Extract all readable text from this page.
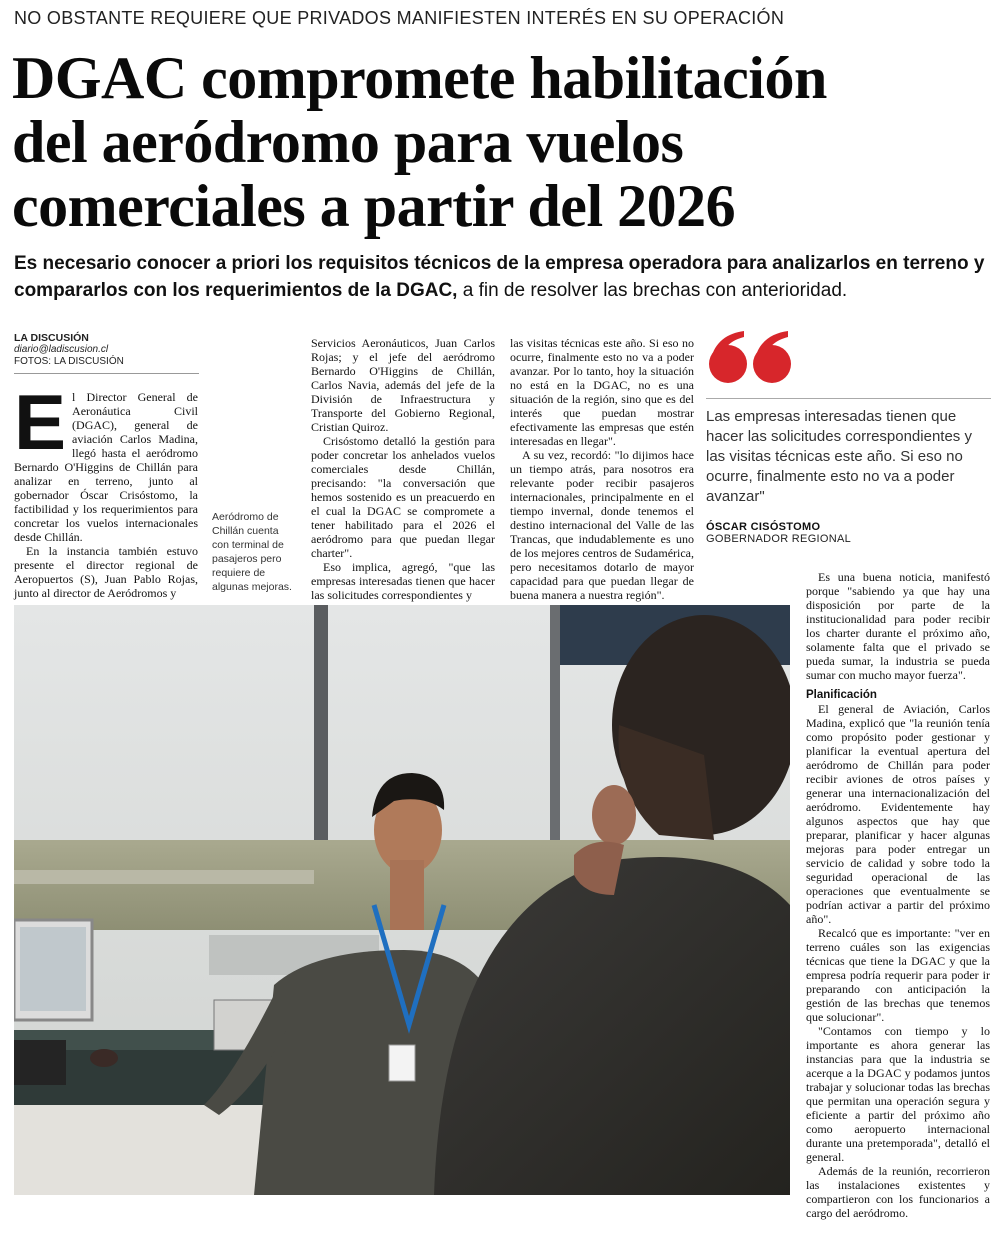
NO OBSTANTE REQUIERE QUE PRIVADOS MANIFIESTEN INTERÉS EN SU OPERACIÓN
DGAC compromete habilitación
del aeródromo para vuelos
comerciales a partir del 2026
Es necesario conocer a priori los requisitos técnicos de la empresa operadora para analizarlos en terreno y compararlos con los requerimientos de la DGAC, a fin de resolver las brechas con anterioridad.
LA DISCUSIÓN
diario@ladiscusion.cl
FOTOS: LA DISCUSIÓN

El Director General de Aeronáutica Civil (DGAC), general de aviación Carlos Madina, llegó hasta el aeródromo Bernardo O'Higgins de Chillán para analizar en terreno, junto al gobernador Óscar Crisóstomo, la factibilidad y los requerimientos para concretar los vuelos internacionales desde Chillán.

En la instancia también estuvo presente el director regional de Aeropuertos (S), Juan Pablo Rojas, junto al director de Aeródromos y

Aeródromo de Chillán cuenta con terminal de pasajeros pero requiere de algunas mejoras.

Servicios Aeronáuticos, Juan Carlos Rojas; y el jefe del aeródromo Bernardo O'Higgins de Chillán, Carlos Navia, además del jefe de la División de Infraestructura y Transporte del Gobierno Regional, Cristian Quiroz.

Crisóstomo detalló la gestión para poder concretar los anhelados vuelos comerciales desde Chillán, precisando: "la conversación que hemos sostenido es un preacuerdo en el cual la DGAC se compromete a tener habilitado para el 2026 el aeródromo para que puedan llegar charter".

Eso implica, agregó, "que las empresas interesadas tienen que hacer las solicitudes correspondientes y

las visitas técnicas este año. Si eso no ocurre, finalmente esto no va a poder avanzar. Por lo tanto, hoy la situación no está en la DGAC, no es una situación de la región, sino que es del interés que puedan mostrar efectivamente las empresas que estén interesadas en llegar".

A su vez, recordó: "lo dijimos hace un tiempo atrás, para nosotros era relevante poder recibir pasajeros internacionales, principalmente en el tiempo invernal, donde tenemos el destino internacional del Valle de las Trancas, que indudablemente es uno de los mejores centros de Sudamérica, pero necesitamos dotarlo de mayor capacidad para que puedan llegar de buena manera a nuestra región".

Las empresas interesadas tienen que hacer las solicitudes correspondientes y las visitas técnicas este año. Si eso no ocurre, finalmente esto no va a poder avanzar"
ÓSCAR CISÓSTOMO
GOBERNADOR REGIONAL

Es una buena noticia, manifestó porque "sabiendo ya que hay una disposición por parte de la institucionalidad para poder recibir los charter durante el próximo año, solamente falta que el privado se pueda sumar, la industria se pueda sumar con mucho mayor fuerza".

Planificación

El general de Aviación, Carlos Madina, explicó que "la reunión tenía como propósito poder gestionar y planificar la eventual apertura del aeródromo de Chillán para poder recibir aviones de otros países y generar una internacionalización del aeródromo. Evidentemente hay algunos aspectos que hay que preparar, planificar y hacer algunas mejoras para poder entregar un servicio de calidad y sobre todo la seguridad operacional de las operaciones que eventualmente se podrían activar a partir del próximo año".

Recalcó que es importante: "ver en terreno cuáles son las exigencias técnicas que tiene la DGAC y que la empresa podría requerir para poder ir preparando con anticipación la gestión de las brechas que tenemos que solucionar".

"Contamos con tiempo y lo importante es ahora generar las instancias para que la industria se acerque a la DGAC y podamos juntos trabajar y solucionar todas las brechas que permitan una operación segura y eficiente a partir del próximo año como aeropuerto internacional durante una pretemporada", detalló el general.

Además de la reunión, recorrieron las instalaciones existentes y compartieron con los funcionarios a cargo del aeródromo.
